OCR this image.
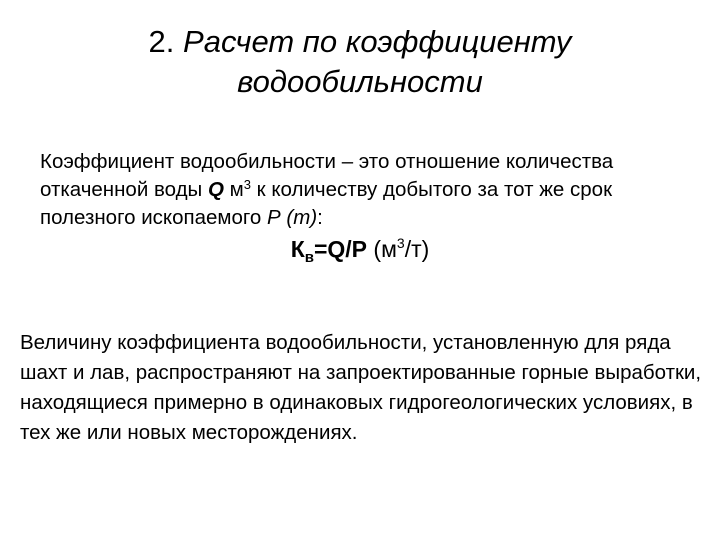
2. Расчет по коэффициенту
водообильности
Коэффициент водообильности – это отношение количества откаченной воды Q $м^3$ к количеству добытого за тот же срок полезного ископаемого Р (т):
$К_в=Q/P$ $(м^3/т)$
Величину коэффициента водообильности, установленную для ряда шахт и лав, распространяют на запроектированные горные выработки, находящиеся примерно в одинаковых гидрогеологических условиях, в тех же или новых месторождениях.
